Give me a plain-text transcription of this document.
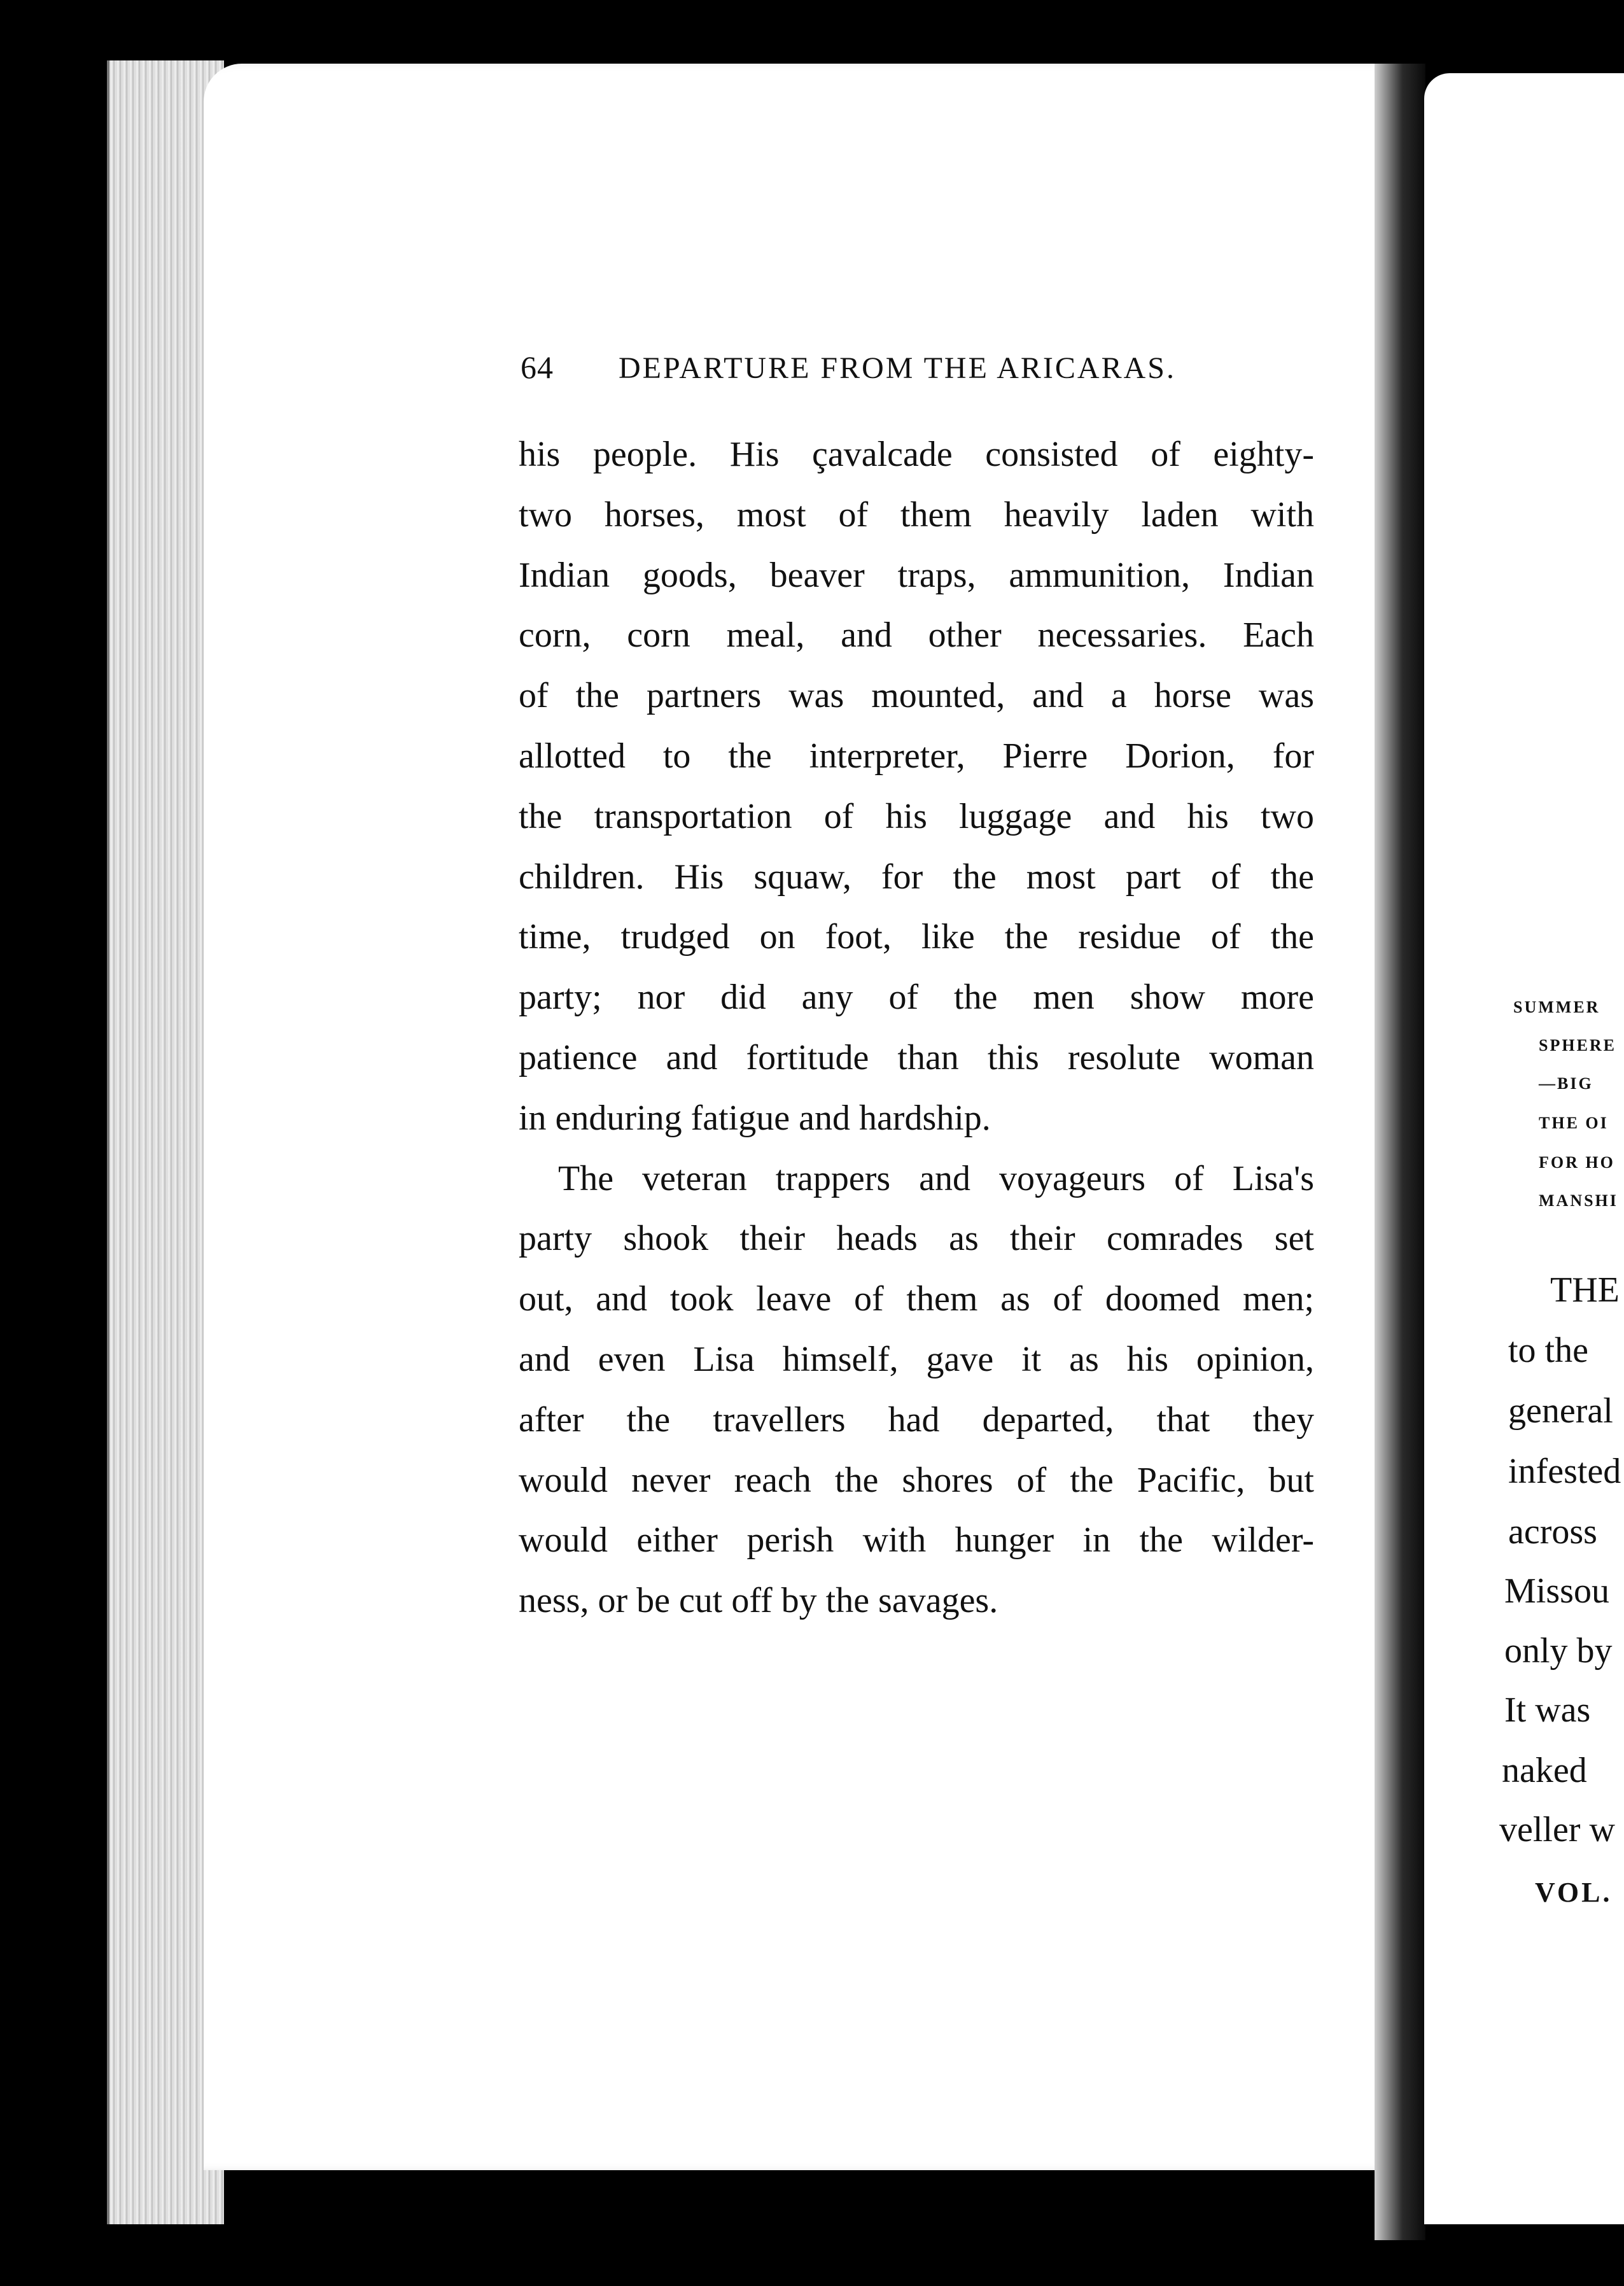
64 DEPARTURE FROM THE ARICARAS.

his people. His çavalcade consisted of eighty-

two horses, most of them heavily laden with

Indian goods, beaver traps, ammunition, Indian

corn, corn meal, and other necessaries. Each

of the partners was mounted, and a horse was

allotted to the interpreter, Pierre Dorion, for

the transportation of his luggage and his two

children. His squaw, for the most part of the

time, trudged on foot, like the residue of the

party; nor did any of the men show more

patience and fortitude than this resolute woman

in enduring fatigue and hardship.

The veteran trappers and voyageurs of Lisa's

party shook their heads as their comrades set

out, and took leave of them as of doomed men;

and even Lisa himself, gave it as his opinion,

after the travellers had departed, that they

would never reach the shores of the Pacific, but

would either perish with hunger in the wilder-

ness, or be cut off by the savages.

SUMMER
SPHERE
—BIG
THE OI
FOR HO
MANSHI
THE
to the
general
infested
across
Missou
only by
It was
naked
veller w
VOL.
